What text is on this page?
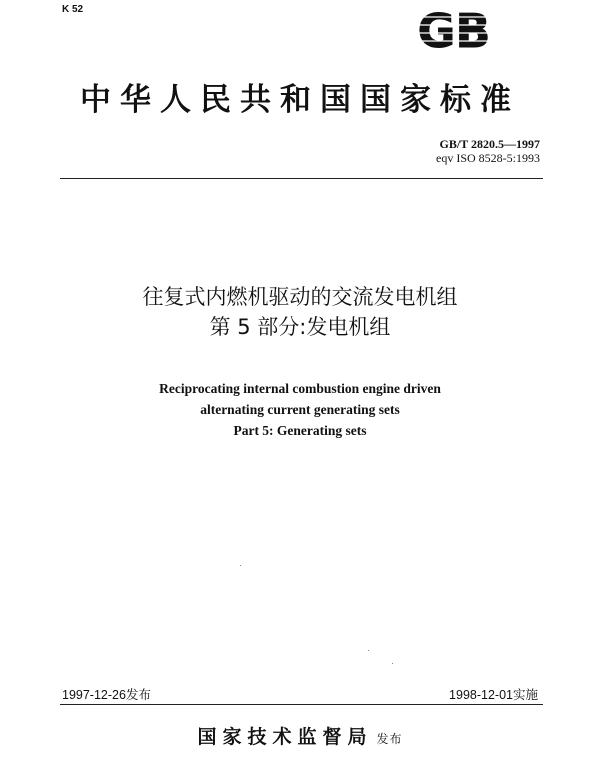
K 52	GB
中华人民共和国国家标准
GB/T 2820.5—1997
eqv ISO 8528-5:1993
往复式内燃机驱动的交流发电机组
第 5 部分:发电机组
Reciprocating internal combustion engine driven
alternating current generating sets
Part 5: Generating sets
1997-12-26发布	1998-12-01实施
国家技术监督局 发布
